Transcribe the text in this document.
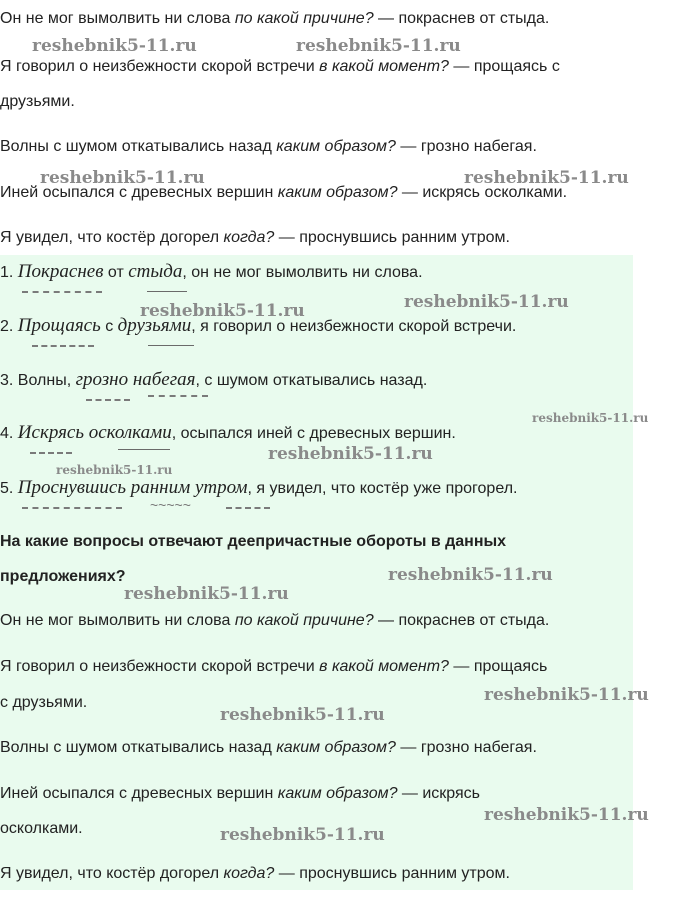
Он не мог вымолвить ни слова по какой причине? — покраснев от стыда.
Я говорил о неизбежности скорой встречи в какой момент? — прощаясь с
друзьями.
Волны с шумом откатывались назад каким образом? — грозно набегая.
Иней осыпался с древесных вершин каким образом? — искрясь осколками.
Я увидел, что костёр догорел когда? — проснувшись ранним утром.
1. Покраснев от стыда, он не мог вымолвить ни слова.
2. Прощаясь с друзьями, я говорил о неизбежности скорой встречи.
3. Волны, грозно набегая, с шумом откатывались назад.
4. Искрясь осколками, осыпался иней с древесных вершин.
5. Проснувшись ранним утром, я увидел, что костёр уже прогорел.
~~~~~
На какие вопросы отвечают деепричастные обороты в данных
предложениях?
Он не мог вымолвить ни слова по какой причине? — покраснев от стыда.
Я говорил о неизбежности скорой встречи в какой момент? — прощаясь
с друзьями.
Волны с шумом откатывались назад каким образом? — грозно набегая.
Иней осыпался с древесных вершин каким образом? — искрясь
осколками.
Я увидел, что костёр догорел когда? — проснувшись ранним утром.
reshebnik5-11.ru	reshebnik5-11.ru
reshebnik5-11.ru	reshebnik5-11.ru
reshebnik5-11.ru	reshebnik5-11.ru
reshebnik5-11.ru
reshebnik5-11.ru
reshebnik5-11.ru
reshebnik5-11.ru
reshebnik5-11.ru
reshebnik5-11.ru
reshebnik5-11.ru
reshebnik5-11.ru
reshebnik5-11.ru
